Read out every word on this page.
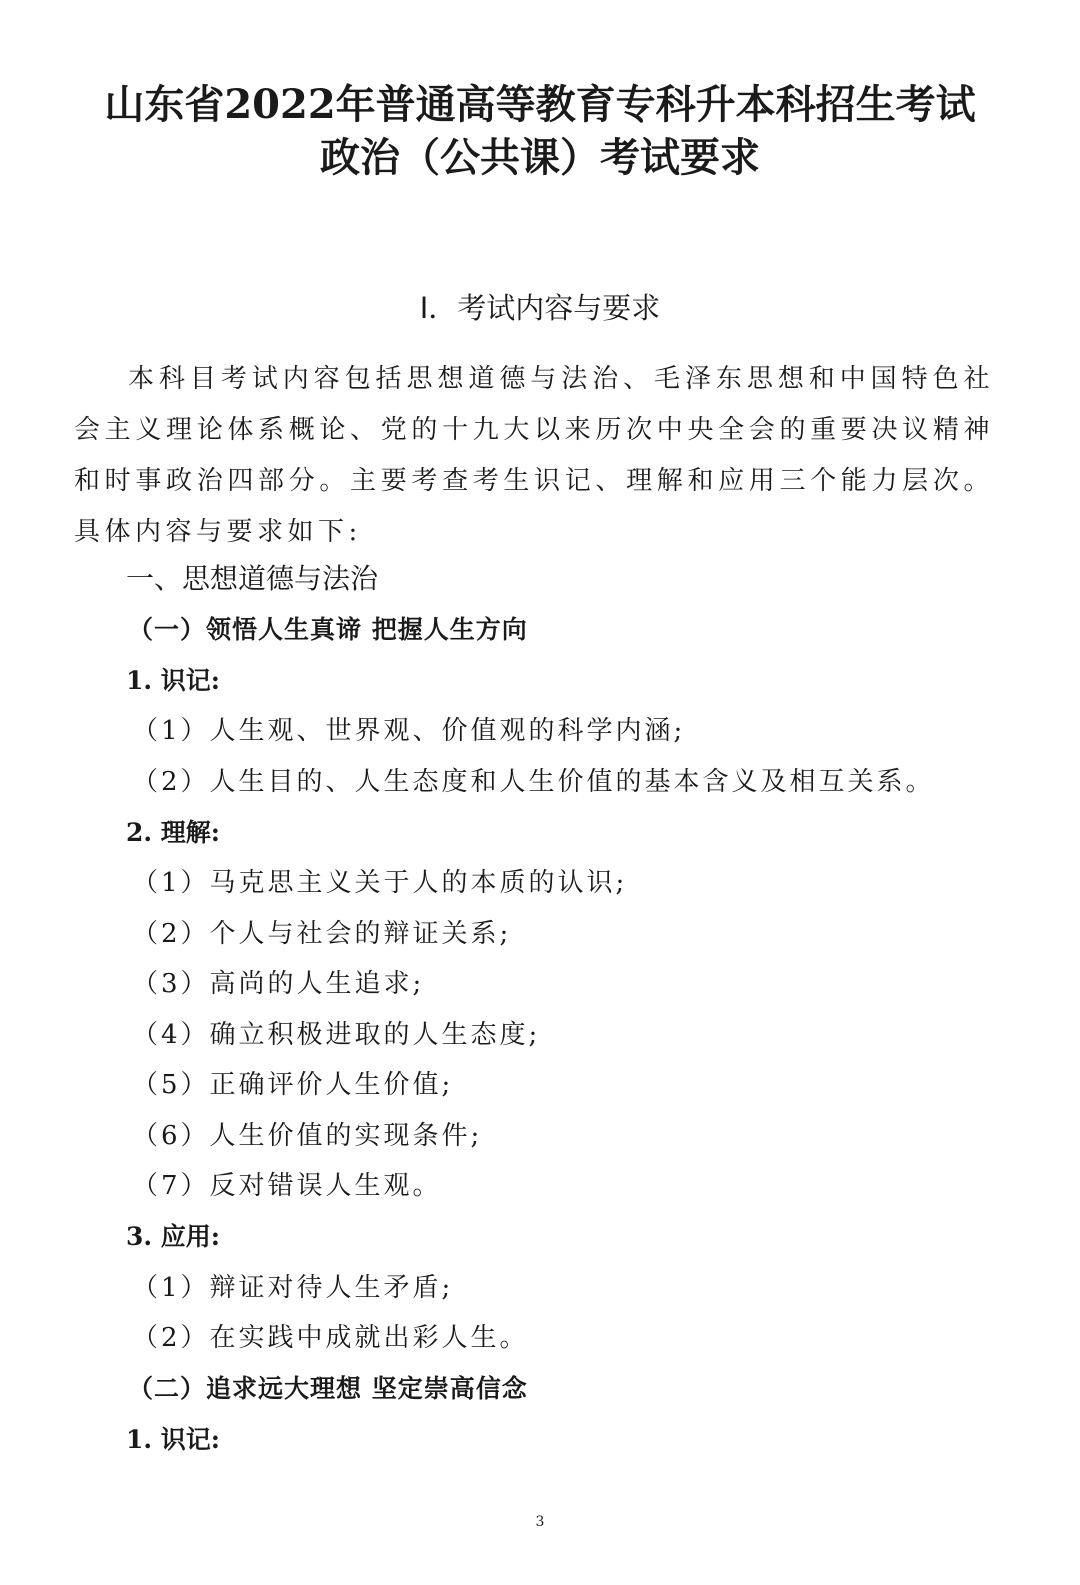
山东省2022年普通高等教育专科升本科招生考试
政治（公共课）考试要求
Ⅰ．考试内容与要求
本科目考试内容包括思想道德与法治、毛泽东思想和中国特色社会主义理论体系概论、党的十九大以来历次中央全会的重要决议精神和时事政治四部分。主要考查考生识记、理解和应用三个能力层次。具体内容与要求如下:
一、思想道德与法治
（一）领悟人生真谛 把握人生方向
1. 识记:
（1）人生观、世界观、价值观的科学内涵;
（2）人生目的、人生态度和人生价值的基本含义及相互关系。
2. 理解:
（1）马克思主义关于人的本质的认识;
（2）个人与社会的辩证关系;
（3）高尚的人生追求;
（4）确立积极进取的人生态度;
（5）正确评价人生价值;
（6）人生价值的实现条件;
（7）反对错误人生观。
3. 应用:
（1）辩证对待人生矛盾;
（2）在实践中成就出彩人生。
（二）追求远大理想 坚定崇高信念
1. 识记:
3
